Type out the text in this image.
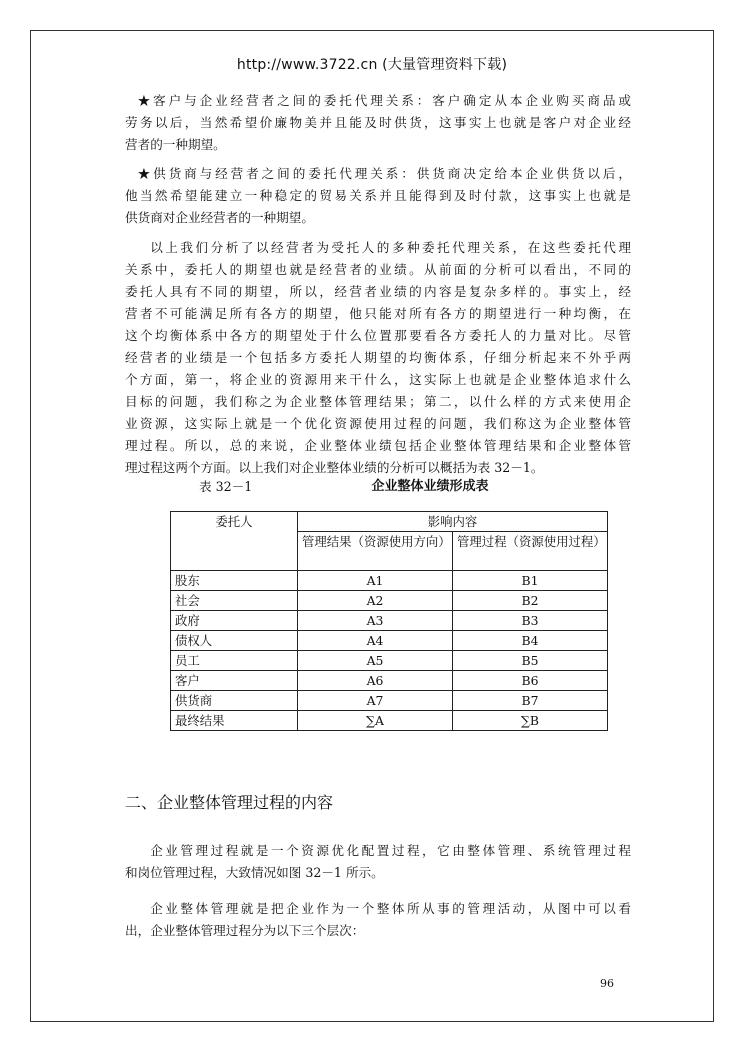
http://www.3722.cn (大量管理资料下载)
★客户与企业经营者之间的委托代理关系：客户确定从本企业购买商品或
劳务以后，当然希望价廉物美并且能及时供货，这事实上也就是客户对企业经
营者的一种期望。
★供货商与经营者之间的委托代理关系：供货商决定给本企业供货以后，
他当然希望能建立一种稳定的贸易关系并且能得到及时付款，这事实上也就是
供货商对企业经营者的一种期望。
以上我们分析了以经营者为受托人的多种委托代理关系，在这些委托代理
关系中，委托人的期望也就是经营者的业绩。从前面的分析可以看出，不同的
委托人具有不同的期望，所以，经营者业绩的内容是复杂多样的。事实上，经
营者不可能满足所有各方的期望，他只能对所有各方的期望进行一种均衡，在
这个均衡体系中各方的期望处于什么位置那要看各方委托人的力量对比。尽管
经营者的业绩是一个包括多方委托人期望的均衡体系，仔细分析起来不外乎两
个方面，第一，将企业的资源用来干什么，这实际上也就是企业整体追求什么
目标的问题，我们称之为企业整体管理结果；第二，以什么样的方式来使用企
业资源，这实际上就是一个优化资源使用过程的问题，我们称这为企业整体管
理过程。所以，总的来说，企业整体业绩包括企业整体管理结果和企业整体管
理过程这两个方面。以上我们对企业整体业绩的分析可以概括为表 32－1。
表 32－1	企业整体业绩形成表
委托人	影响内容	
	管理结果（资源使用方向）	管理过程（资源使用过程）
股东	A1	B1
社会	A2	B2
政府	A3	B3
债权人	A4	B4
员工	A5	B5
客户	A6	B6
供货商	A7	B7
最终结果	∑A	∑B
二、企业整体管理过程的内容
企业管理过程就是一个资源优化配置过程，它由整体管理、系统管理过程
和岗位管理过程，大致情况如图 32－1 所示。
企业整体管理就是把企业作为一个整体所从事的管理活动，从图中可以看
出，企业整体管理过程分为以下三个层次：
96
